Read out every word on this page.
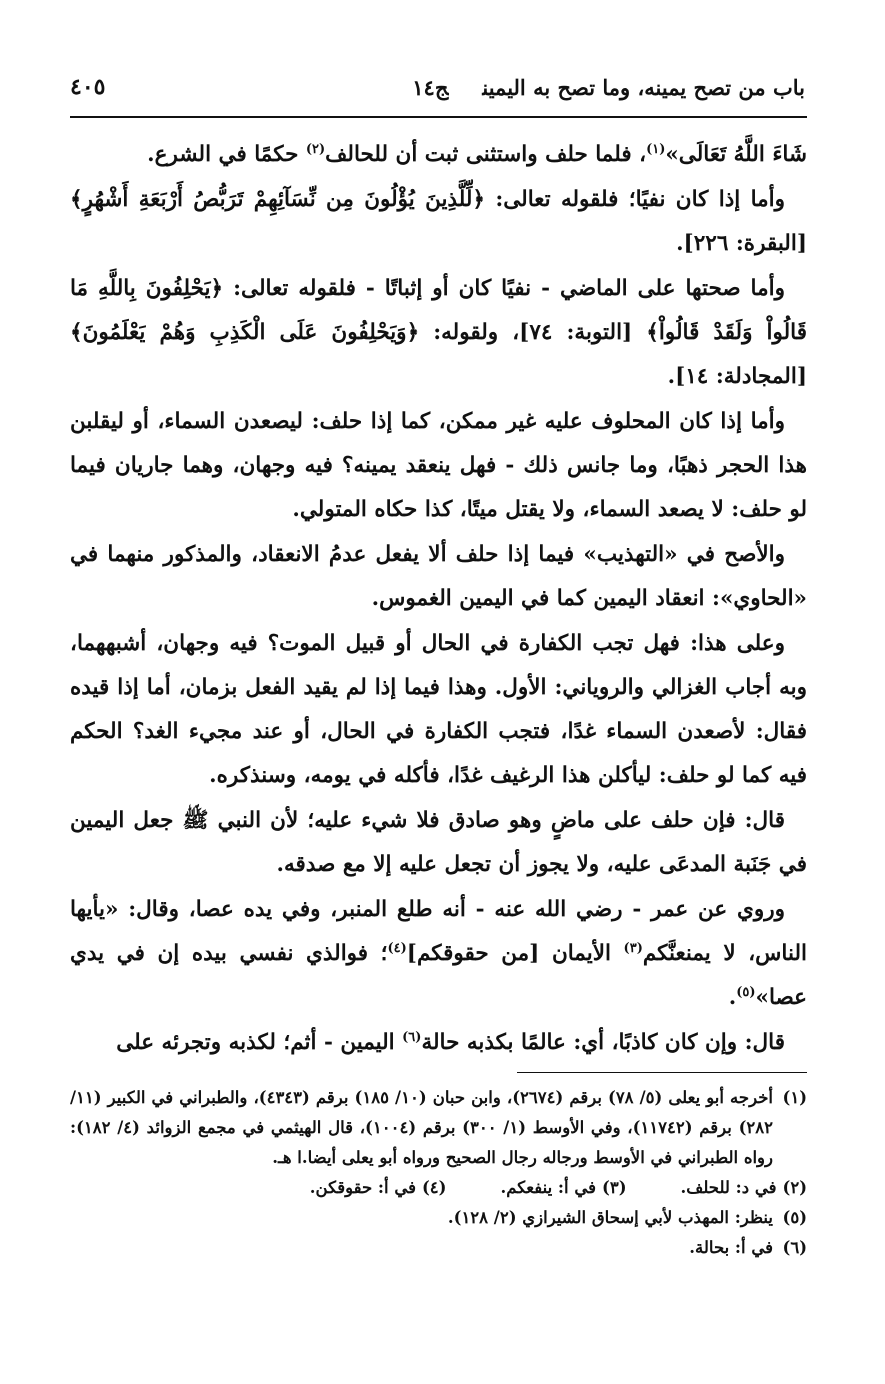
باب من تصح يمينه، وما تصح به اليمينج١٤
٤٠٥

شَاءَ اللَّهُ تَعَالَى»$^{(١)}$، فلما حلف واستثنى ثبت أن للحالف$^{(٢)}$ حكمًا في الشرع.

وأما إذا كان نفيًا؛ فلقوله تعالى: ﴿لِّلَّذِينَ يُؤْلُونَ مِن نِّسَآئِهِمْ تَرَبُّصُ أَرْبَعَةِ أَشْهُرٍ﴾ [البقرة: ٢٢٦].

وأما صحتها على الماضي - نفيًا كان أو إثباتًا - فلقوله تعالى: ﴿يَحْلِفُونَ بِاللَّهِ مَا قَالُواْ وَلَقَدْ قَالُواْ﴾ [التوبة: ٧٤]، ولقوله: ﴿وَيَحْلِفُونَ عَلَى الْكَذِبِ وَهُمْ يَعْلَمُونَ﴾ [المجادلة: ١٤].

وأما إذا كان المحلوف عليه غير ممكن، كما إذا حلف: ليصعدن السماء، أو ليقلبن هذا الحجر ذهبًا، وما جانس ذلك - فهل ينعقد يمينه؟ فيه وجهان، وهما جاريان فيما لو حلف: لا يصعد السماء، ولا يقتل ميتًا، كذا حكاه المتولي.

والأصح في «التهذيب» فيما إذا حلف ألا يفعل عدمُ الانعقاد، والمذكور منهما في «الحاوي»: انعقاد اليمين كما في اليمين الغموس.

وعلى هذا: فهل تجب الكفارة في الحال أو قبيل الموت؟ فيه وجهان، أشبههما، وبه أجاب الغزالي والروياني: الأول. وهذا فيما إذا لم يقيد الفعل بزمان، أما إذا قيده فقال: لأصعدن السماء غدًا، فتجب الكفارة في الحال، أو عند مجيء الغد؟ الحكم فيه كما لو حلف: ليأكلن هذا الرغيف غدًا، فأكله في يومه، وسنذكره.

قال: فإن حلف على ماضٍ وهو صادق فلا شيء عليه؛ لأن النبي ﷺ جعل اليمين في جَنَبة المدعَى عليه، ولا يجوز أن تجعل عليه إلا مع صدقه.

وروي عن عمر - رضي الله عنه - أنه طلع المنبر، وفي يده عصا، وقال: «يأيها الناس، لا يمنعنَّكم$^{(٣)}$ الأيمان [من حقوقكم]$^{(٤)}$؛ فوالذي نفسي بيده إن في يدي عصا»$^{(٥)}$.

قال: وإن كان كاذبًا، أي: عالمًا بكذبه حالة$^{(٦)}$ اليمين - أثم؛ لكذبه وتجرئه على

(١)
أخرجه أبو يعلى (٥/ ٧٨) برقم (٢٦٧٤)، وابن حبان (١٠/ ١٨٥) برقم (٤٣٤٣)، والطبراني في الكبير (١١/ ٢٨٢) برقم (١١٧٤٢)، وفي الأوسط (١/ ٣٠٠) برقم (١٠٠٤)، قال الهيثمي في مجمع الزوائد (٤/ ١٨٢): رواه الطبراني في الأوسط ورجاله رجال الصحيح ورواه أبو يعلى أيضا.ا هـ.
(٢)
في د: للحلف.
(٣)
في أ: ينفعكم.
(٤)
في أ: حقوقكن.
(٥)
ينظر: المهذب لأبي إسحاق الشيرازي (٢/ ١٢٨).
(٦)
في أ: بحالة.
